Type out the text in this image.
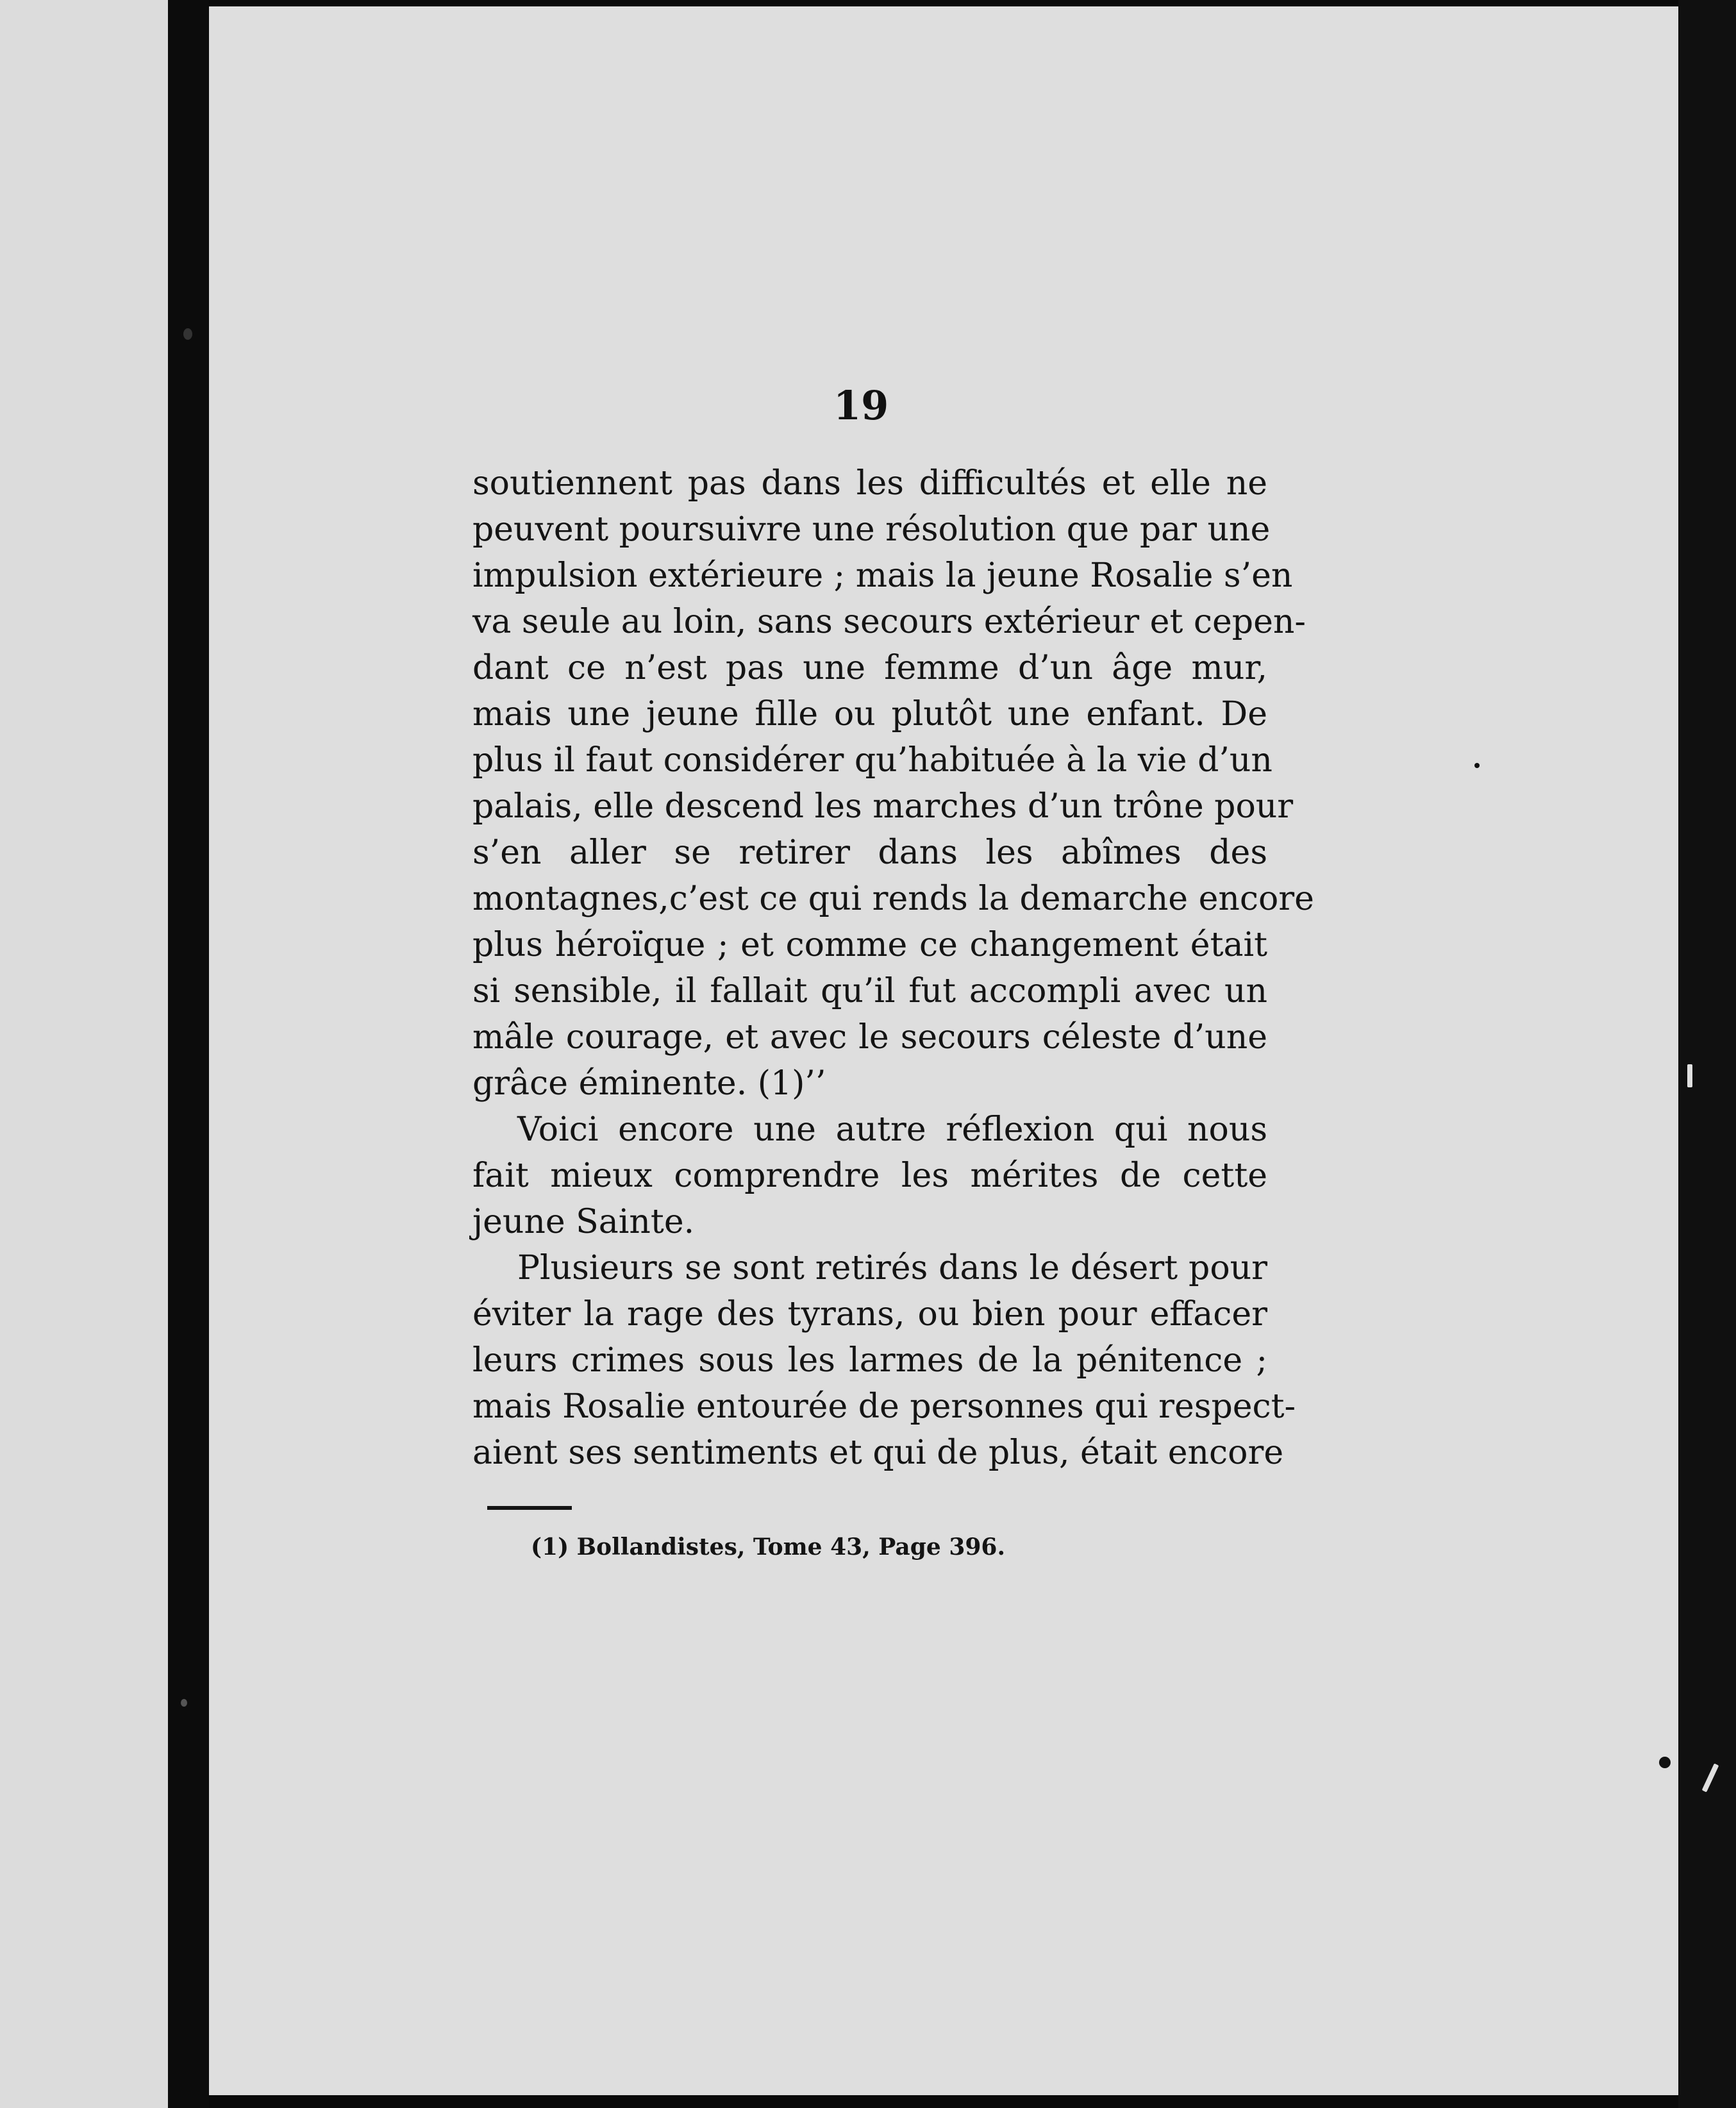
19
soutiennent pas dans les difficultés et elle ne
peuvent poursuivre une résolution que par une
impulsion extérieure ; mais la jeune Rosalie s’en
va seule au loin, sans secours extérieur et cepen-
dant ce n’est pas une femme d’un âge mur,
mais une jeune fille ou plutôt une enfant. De
plus il faut considérer qu’habituée à la vie d’un
palais, elle descend les marches d’un trône pour
s’en aller se retirer dans les abîmes des
montagnes,c’est ce qui rends la demarche encore
plus héroïque ; et comme ce changement était
si sensible, il fallait qu’il fut accompli avec un
mâle courage, et avec le secours céleste d’une
grâce éminente. (1)’’
Voici encore une autre réflexion qui nous
fait mieux comprendre les mérites de cette
jeune Sainte.
Plusieurs se sont retirés dans le désert pour
éviter la rage des tyrans, ou bien pour effacer
leurs crimes sous les larmes de la pénitence ;
mais Rosalie entourée de personnes qui respect-
aient ses sentiments et qui de plus, était encore
(1) Bollandistes, Tome 43, Page 396.
